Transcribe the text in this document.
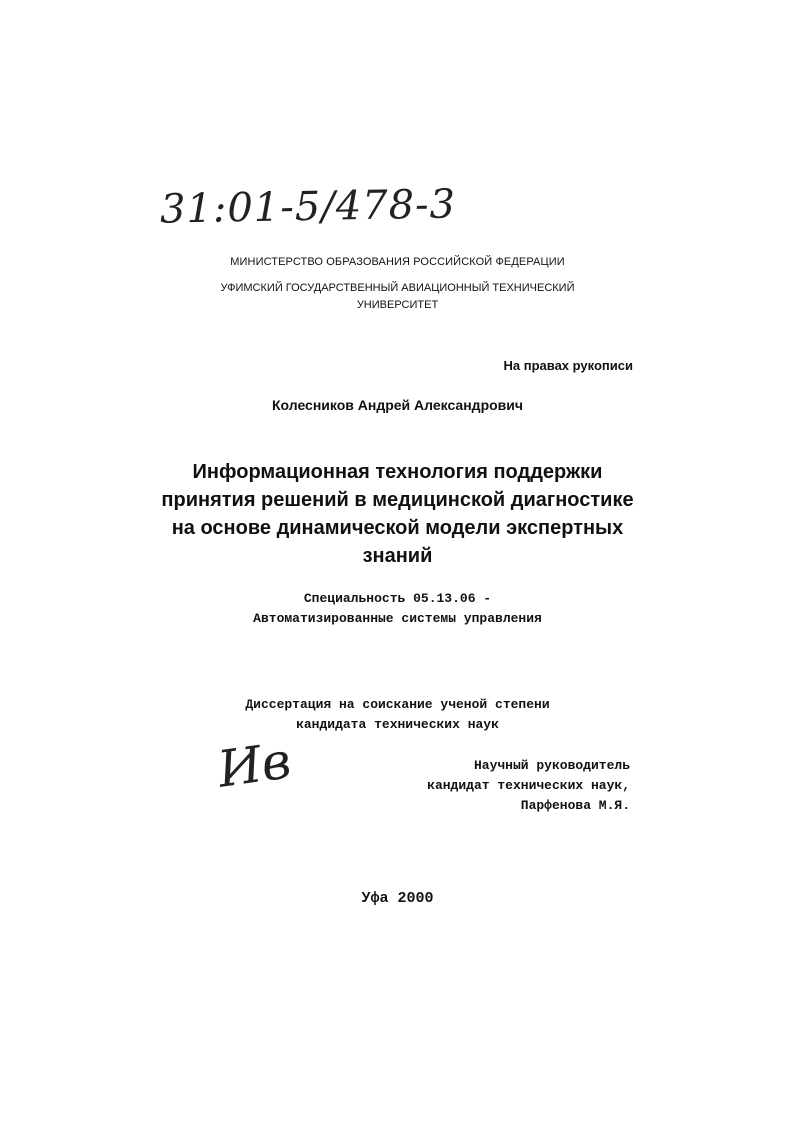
31:01-5/478-3
МИНИСТЕРСТВО ОБРАЗОВАНИЯ РОССИЙСКОЙ ФЕДЕРАЦИИ
УФИМСКИЙ ГОСУДАРСТВЕННЫЙ АВИАЦИОННЫЙ ТЕХНИЧЕСКИЙ
УНИВЕРСИТЕТ
На правах рукописи
Колесников Андрей Александрович
Информационная технология поддержки
принятия решений в медицинской диагностике
на основе динамической модели экспертных
знаний
Специальность 05.13.06 -
Автоматизированные системы управления
Диссертация на соискание ученой степени
кандидата технических наук
Ив	Научный руководитель
кандидат технических наук,
Парфенова М.Я.
Уфа 2000
